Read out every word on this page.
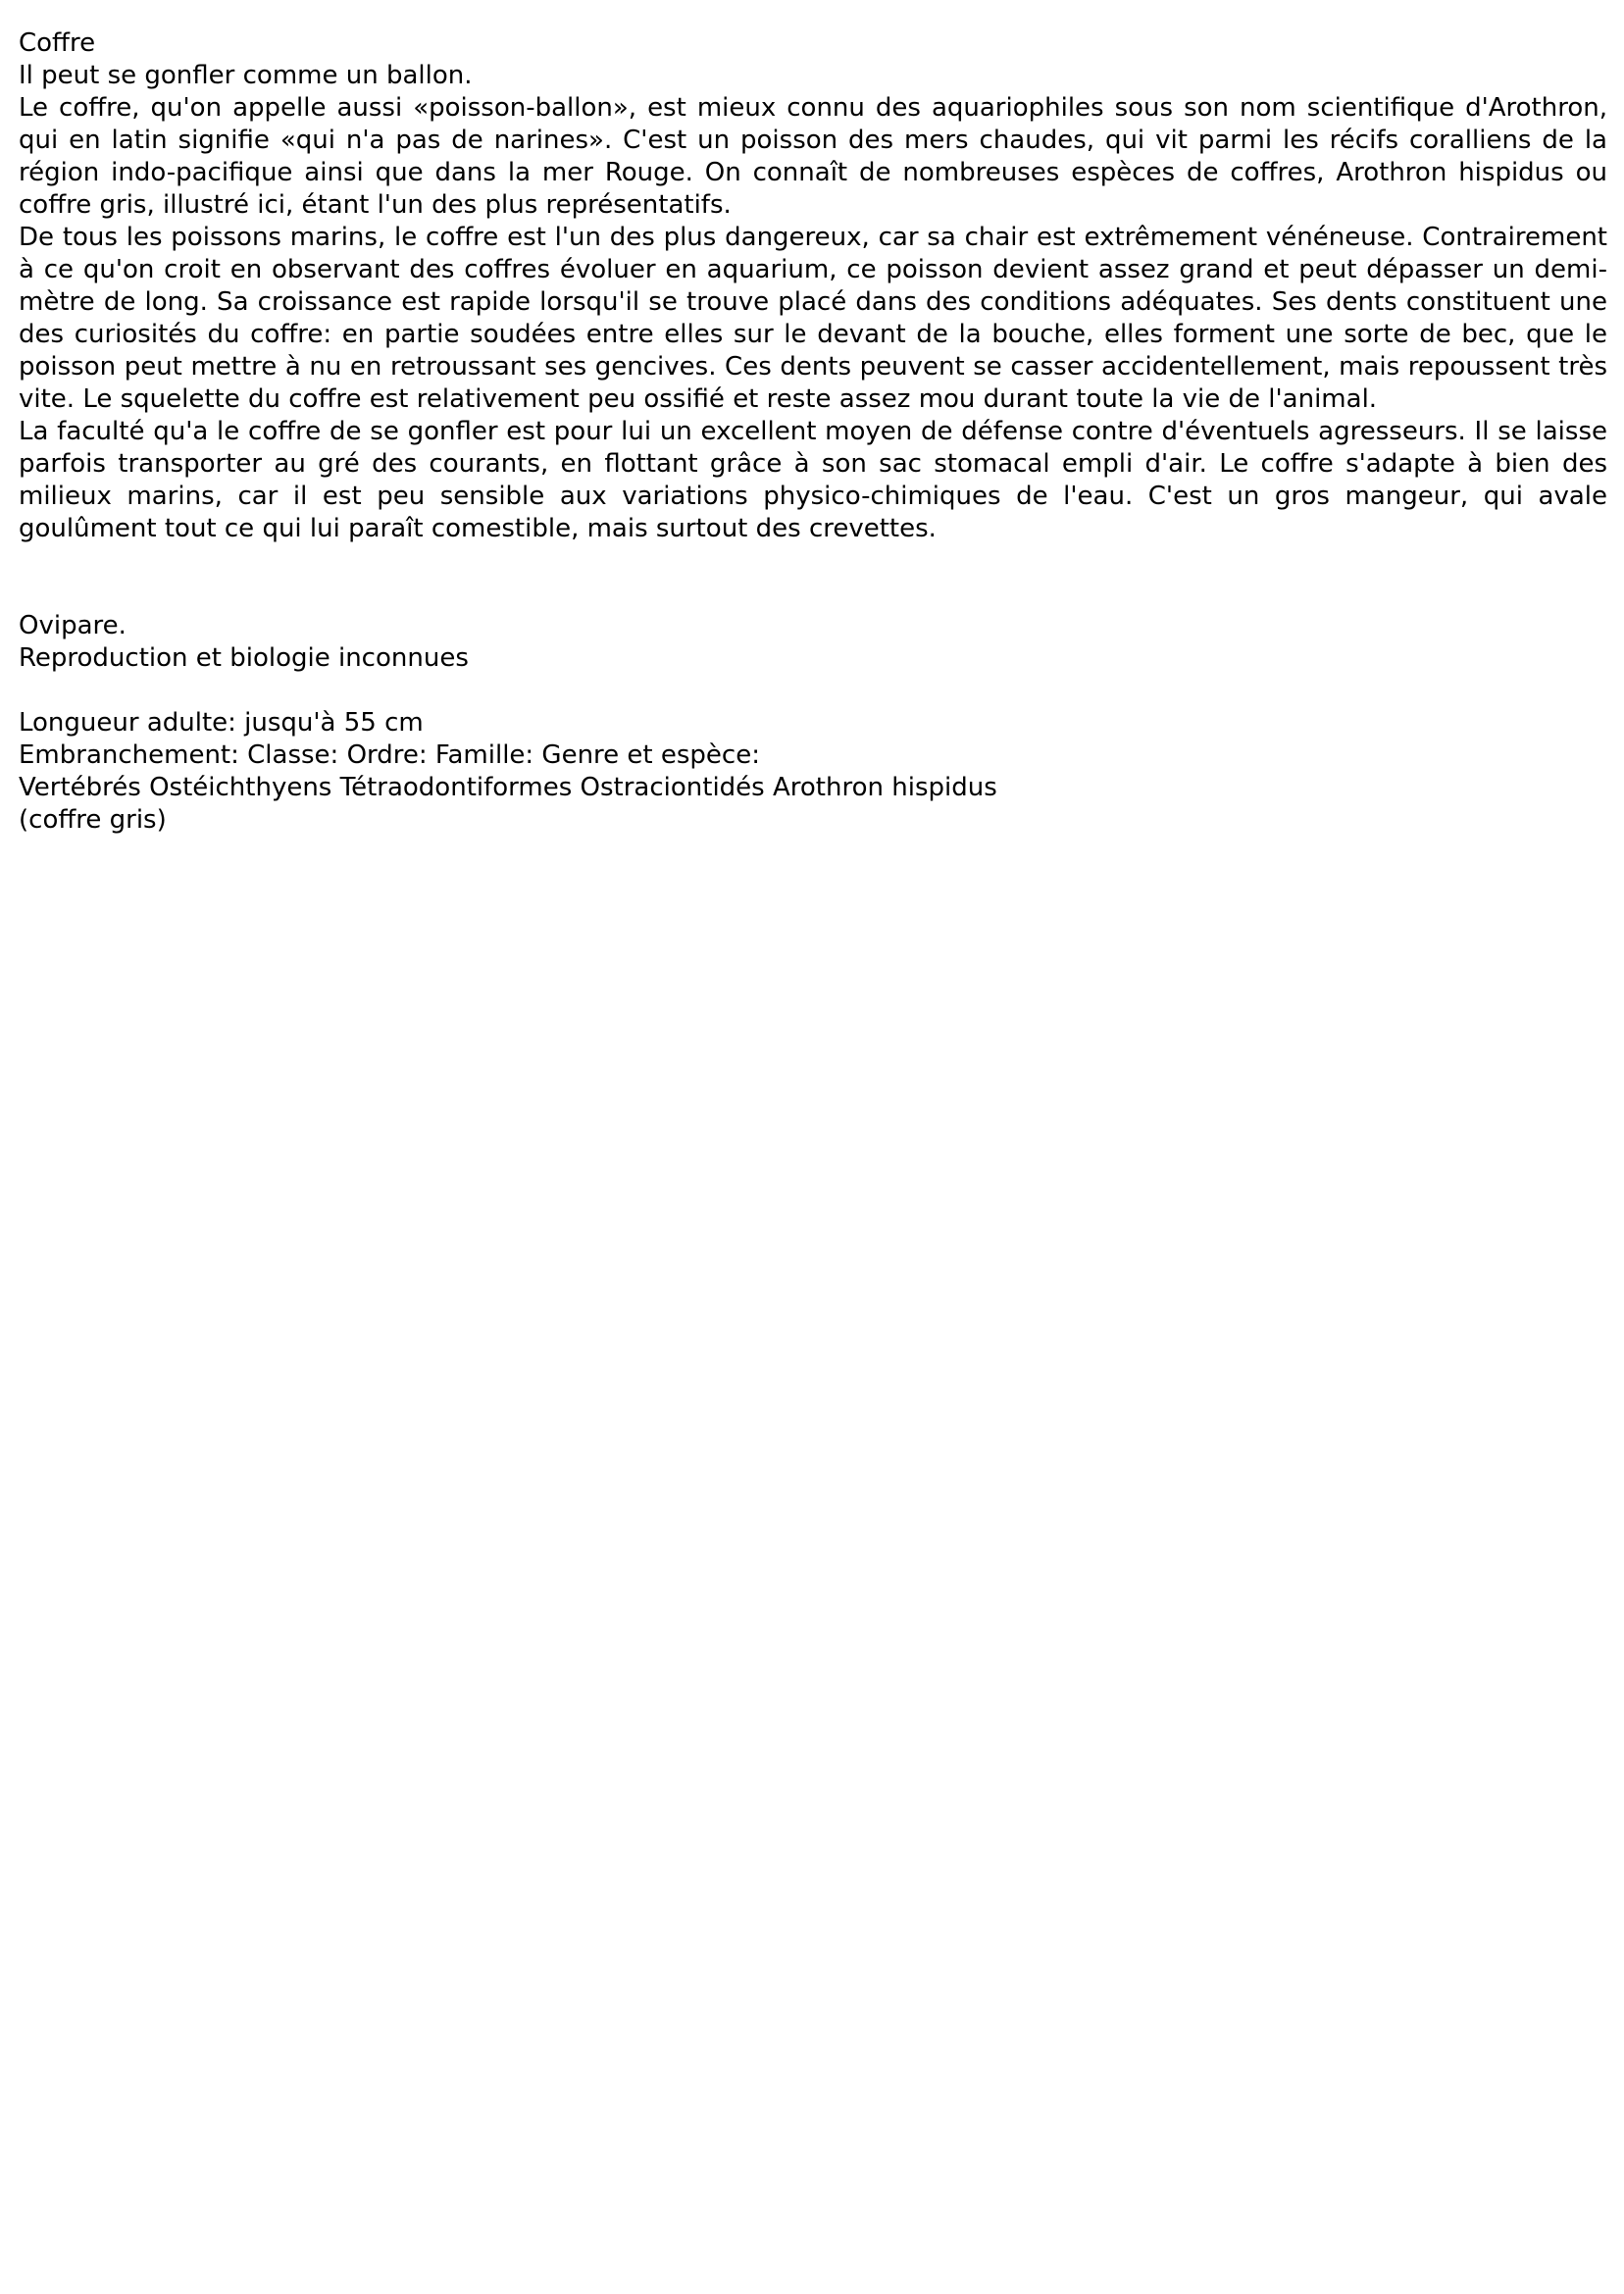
Coffre

Il peut se gonfler comme un ballon.

Le coffre, qu'on appelle aussi «poisson-ballon», est mieux connu des aquariophiles sous son nom scientifique d'Arothron, qui en latin signifie «qui n'a pas de narines». C'est un poisson des mers chaudes, qui vit parmi les récifs coralliens de la région indo-pacifique ainsi que dans la mer Rouge. On connaît de nombreuses espèces de coffres, Arothron hispidus ou coffre gris, illustré ici, étant l'un des plus représentatifs.

De tous les poissons marins, le coffre est l'un des plus dangereux, car sa chair est extrêmement vénéneuse. Contrairement à ce qu'on croit en observant des coffres évoluer en aquarium, ce poisson devient assez grand et peut dépasser un demi-mètre de long. Sa croissance est rapide lorsqu'il se trouve placé dans des conditions adéquates. Ses dents constituent une des curiosités du coffre: en partie soudées entre elles sur le devant de la bouche, elles forment une sorte de bec, que le poisson peut mettre à nu en retroussant ses gencives. Ces dents peuvent se casser accidentellement, mais repoussent très vite. Le squelette du coffre est relativement peu ossifié et reste assez mou durant toute la vie de l'animal.

La faculté qu'a le coffre de se gonfler est pour lui un excellent moyen de défense contre d'éventuels agresseurs. Il se laisse parfois transporter au gré des courants, en flottant grâce à son sac stomacal empli d'air. Le coffre s'adapte à bien des milieux marins, car il est peu sensible aux variations physico-chimiques de l'eau. C'est un gros mangeur, qui avale goulûment tout ce qui lui paraît comestible, mais surtout des crevettes.

Ovipare.

Reproduction et biologie inconnues

Longueur adulte: jusqu'à 55 cm

Embranchement: Classe: Ordre: Famille: Genre et espèce:

Vertébrés Ostéichthyens Tétraodontiformes Ostraciontidés Arothron hispidus

(coffre gris)
